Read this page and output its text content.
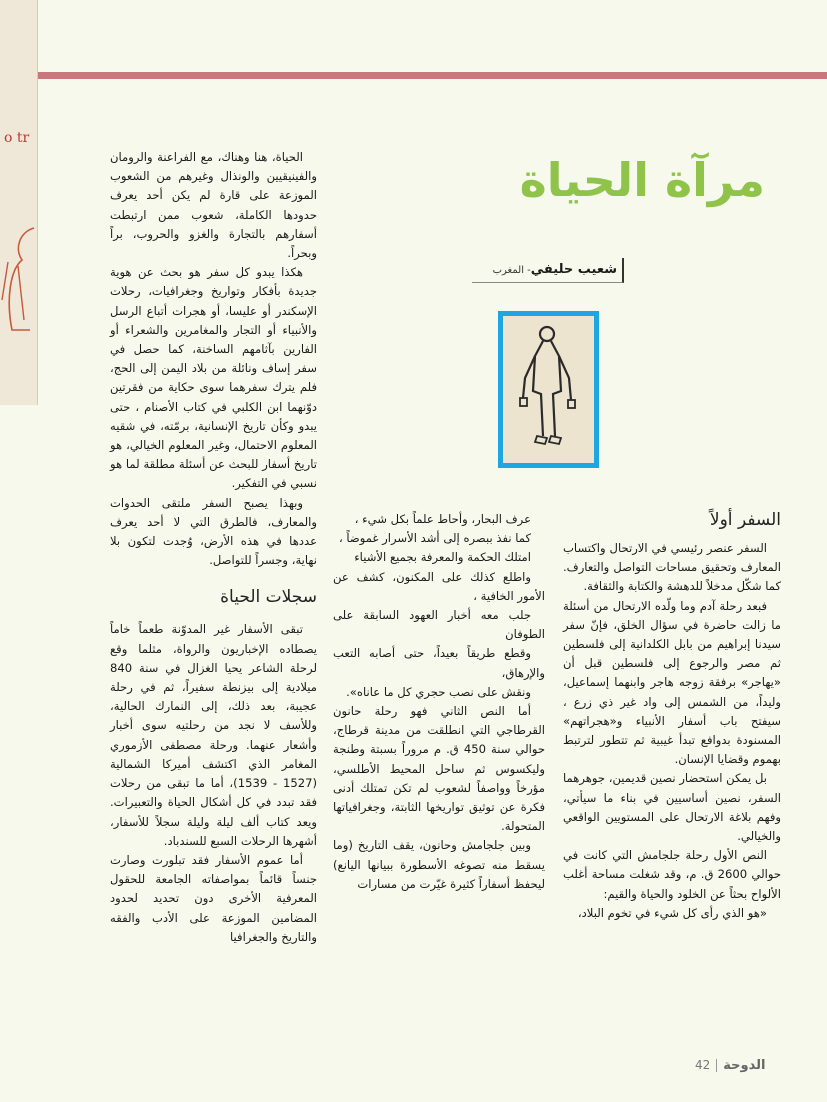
o tr
مرآة الحياة
شعيب حليفي- المغرب
السفر أولاً

السفر عنصر رئيسي في الارتحال واكتساب المعارف وتحقيق مساحات التواصل والتعارف. كما شكّل مدخلاً للدهشة والكتابة والثقافة.

فبعد رحلة آدم وما ولّده الارتحال من أسئلة ما زالت حاضرة في سؤال الخلق، فإنّ سفر سيدنا إبراهيم من بابل الكلدانية إلى فلسطين ثم مصر والرجوع إلى فلسطين قبل أن «يهاجر» برفقة زوجه هاجر وابنهما إسماعيل، وليداً، من الشمس إلى واد غير ذي زرع ، سيفتح باب أسفار الأنبياء و«هجراتهم» المسنودة بدوافع تبدأ غيبية ثم تتطور لترتبط بهموم وقضايا الإنسان.

بل يمكن استحضار نصين قديمين، جوهرهما السفر، نصين أساسيين في بناء ما سيأتي، وفهم بلاغة الارتحال على المستويين الواقعي والخيالي.

النص الأول رحلة جلجامش التي كانت في حوالي 2600 ق. م، وقد شغلت مساحة أغلب الألواح بحثاً عن الخلود والحياة والقيم:

«هو الذي رأى كل شيء في تخوم البلاد،

عرف البحار، وأحاط علماً بكل شيء ،

كما نفذ ببصره إلى أشد الأسرار غموضاً ،

امتلك الحكمة والمعرفة بجميع الأشياء

واطلع كذلك على المكنون، كشف عن الأمور الخافية ،

جلب معه أخبار العهود السابقة على الطوفان

وقطع طريقاً بعيداً، حتى أصابه التعب والإرهاق،

ونقش على نصب حجري كل ما عاناه».

أما النص الثاني فهو رحلة حانون القرطاجي التي انطلقت من مدينة قرطاج، حوالي سنة 450 ق. م مروراً بسبتة وطنجة وليكسوس ثم ساحل المحيط الأطلسي، مؤرخاً وواصفاً لشعوب لم تكن تمتلك أدنى فكرة عن توثيق تواريخها الثابتة، وجغرافياتها المتحولة.

وبين جلجامش وحانون، يقف التاريخ (وما يسقط منه تصوغه الأسطورة ببيانها اليانع) ليحفظ أسفاراً كثيرة غيّرت من مسارات

الحياة، هنا وهناك، مع الفراعنة والرومان والفينيقيين والونذال وغيرهم من الشعوب الموزعة على قارة لم يكن أحد يعرف حدودها الكاملة، شعوب ممن ارتبطت أسفارهم بالتجارة والغزو والحروب، براً وبحراً.

هكذا يبدو كل سفر هو بحث عن هوية جديدة بأفكار وتواريخ وجغرافيات، رحلات الإسكندر أو عليسا، أو هجرات أتباع الرسل والأنبياء أو التجار والمغامرين والشعراء أو الفارين بآثامهم الساخنة، كما حصل في سفر إساف ونائلة من بلاد اليمن إلى الحج، فلم يترك سفرهما سوى حكاية من فقرتين دوّنهما ابن الكلبي في كتاب الأصنام ، حتى يبدو وكأن تاريخ الإنسانية، برمّته، في شقيه المعلوم الاحتمال، وغير المعلوم الخيالي، هو تاريخ أسفار للبحث عن أسئلة مطلقة لما هو نسبي في التفكير.

وبهذا يصبح السفر ملتقى الحدوات والمعارف، فالطرق التي لا أحد يعرف عددها في هذه الأرض، وُجدت لتكون بلا نهاية، وجسراً للتواصل.

سجلات الحياة

تبقى الأسفار غير المدوّنة طعماً خاماً يصطاده الإخباريون والرواة، مثلما وقع لرحلة الشاعر يحيا الغزال في سنة 840 ميلادية إلى بيزنطة سفيراً، ثم في رحلة عجيبة، بعد ذلك، إلى النمارك الحالية، وللأسف لا نجد من رحلتيه سوى أخبار وأشعار عنهما. ورحلة مصطفى الأزموري المغامر الذي اكتشف أميركا الشمالية (1527 - 1539)، أما ما تبقى من رحلات فقد تبدد في كل أشكال الحياة والتعبيرات. ويعد كتاب ألف ليلة وليلة سجلاً للأسفار، أشهرها الرحلات السبع للسندباد.

أما عموم الأسفار فقد تبلورت وصارت جنساً قائماً بمواصفاته الجامعة للحقول المعرفية الأخرى دون تحديد لحدود المضامين الموزعة على الأدب والفقه والتاريخ والجغرافيا

الدوحة42
